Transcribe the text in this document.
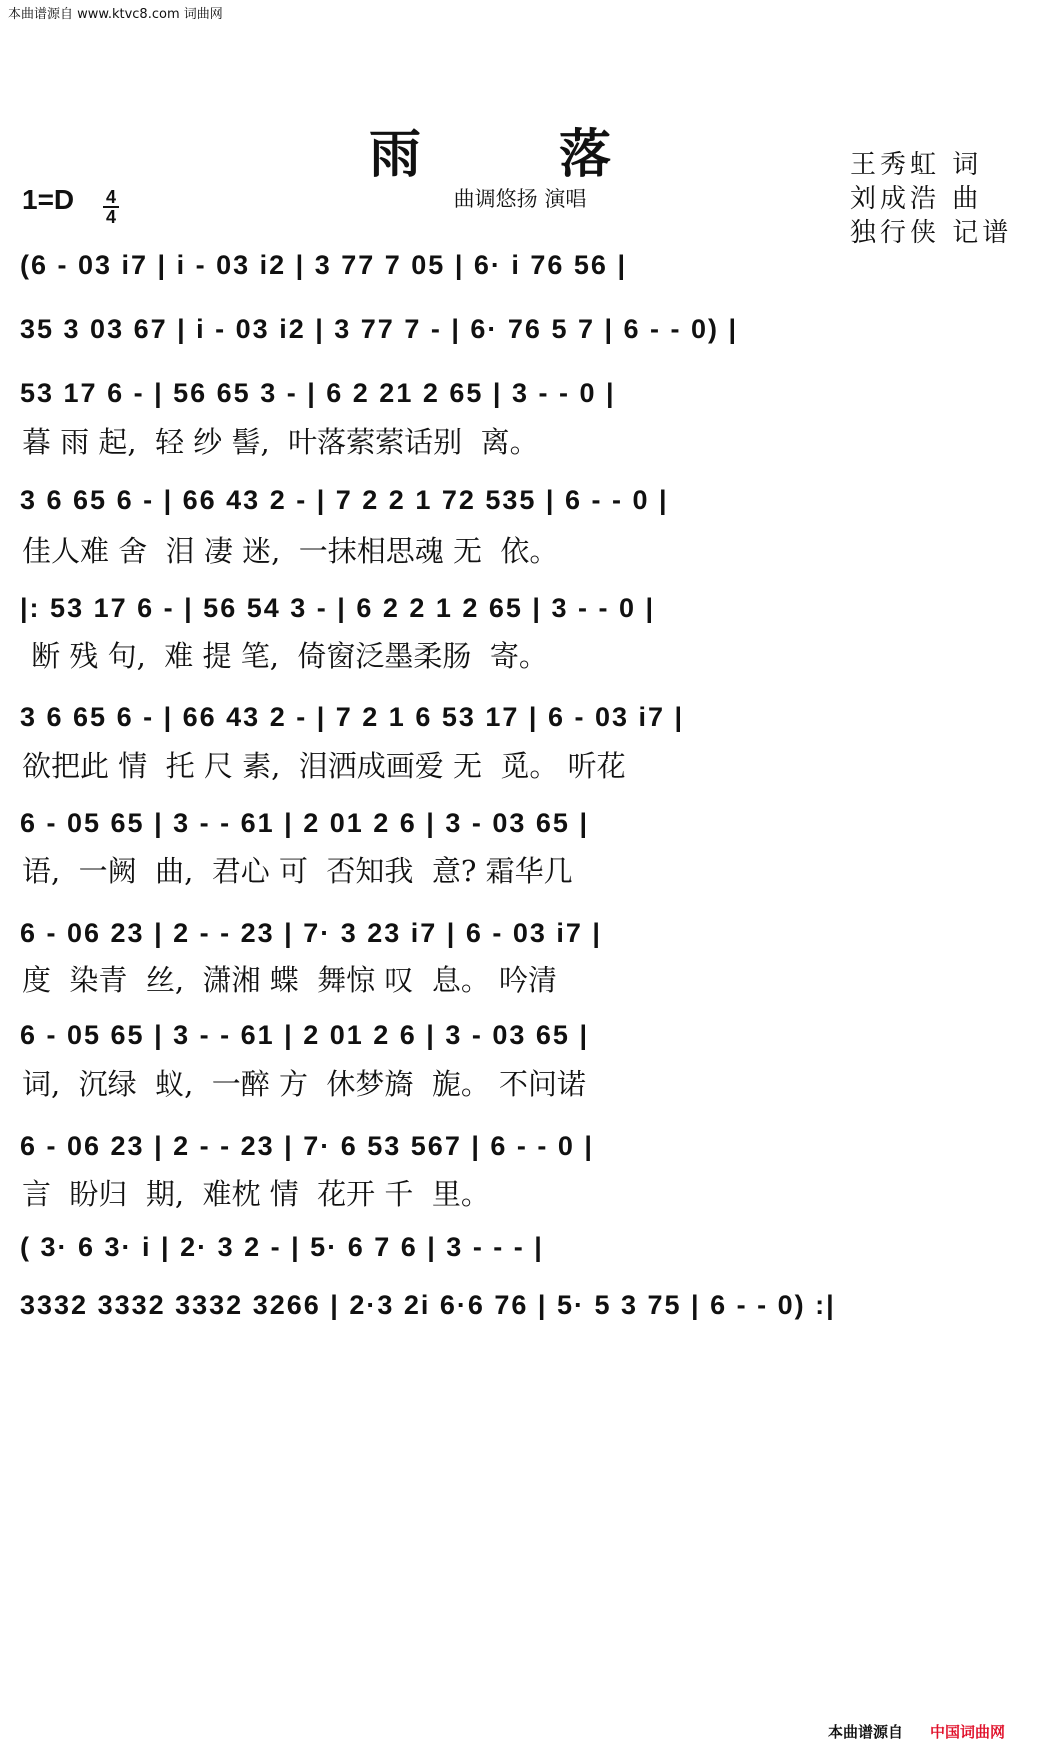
本曲谱源自 www.ktvc8.com 词曲网
雨 落
曲调悠扬 演唱
王秀虹 词
刘成浩 曲
独行侠 记谱
1=D 4
4
(6 - 03 i7 | i - 03 i2 | 3 77 7 05 | 6· i 76 56 |
35 3 03 67 | i - 03 i2 | 3 77 7 - | 6· 76 5 7 | 6 - - 0) |
53 17 6 - | 56 65 3 - | 6 2 21 2 65 | 3 - - 0 |
暮 雨 起,  轻 纱 髻,  叶落萦萦话别  离。
3 6 65 6 - | 66 43 2 - | 7 2 2 1 72 535 | 6 - - 0 |
佳人难 舍  泪 凄 迷,  一抹相思魂 无  依。
|: 53 17 6 - | 56 54 3 - | 6 2 2 1 2 65 | 3 - - 0 |
断 残 句,  难 提 笔,  倚窗泛墨柔肠  寄。
3 6 65 6 - | 66 43 2 - | 7 2 1 6 53 17 | 6 - 03 i7 |
欲把此 情  托 尺 素,  泪洒成画爱 无  觅。 听花
6 - 05 65 | 3 - - 61 | 2 01 2 6 | 3 - 03 65 |
语,  一阙  曲,  君心 可  否知我  意? 霜华几
6 - 06 23 | 2 - - 23 | 7· 3 23 i7 | 6 - 03 i7 |
度  染青  丝,  潇湘 蝶  舞惊 叹  息。 吟清
6 - 05 65 | 3 - - 61 | 2 01 2 6 | 3 - 03 65 |
词,  沉绿  蚁,  一醉 方  休梦旖  旎。 不问诺
6 - 06 23 | 2 - - 23 | 7· 6 53 567 | 6 - - 0 |
言  盼归  期,  难枕 情  花开 千  里。
( 3· 6 3· i | 2· 3 2 - | 5· 6 7 6 | 3 - - - |
3332 3332 3332 3266 | 2·3 2i 6·6 76 | 5· 5 3 75 | 6 - - 0) :|
本曲谱源自 中国词曲网
